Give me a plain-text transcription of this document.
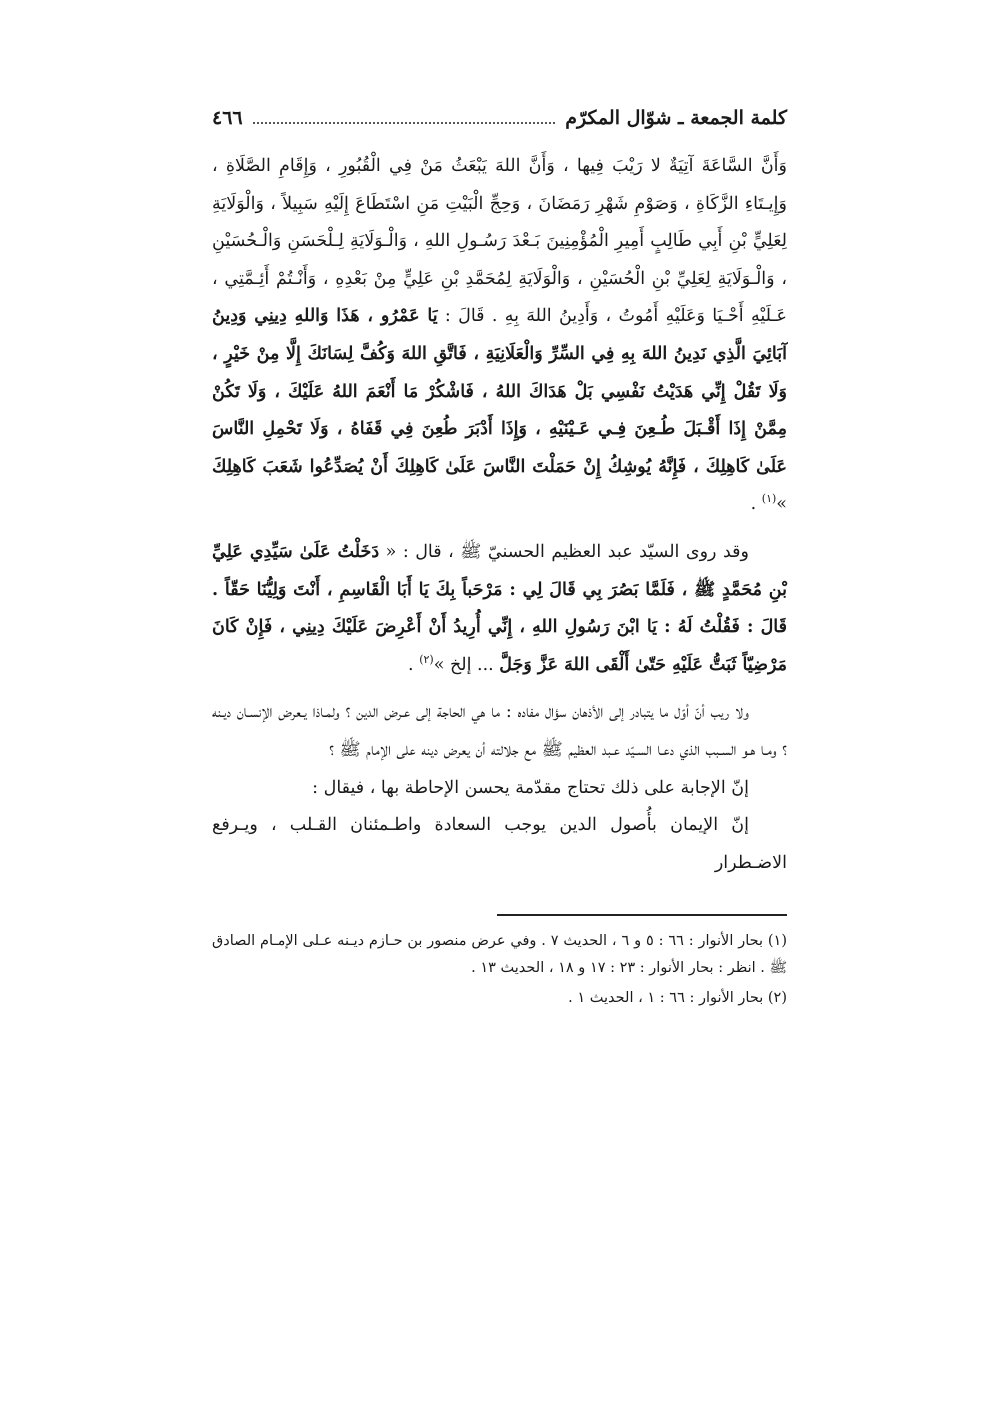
كلمة الجمعة ـ شوّال المكرّم
٤٦٦

وَأَنَّ السَّاعَةَ آتِيَةٌ لا رَيْبَ فِيها ، وَأَنَّ اللهَ يَبْعَثُ مَنْ فِي الْقُبُورِ ، وَإِقَامِ الصَّلَاةِ ، وَإِيـتَاءِ الزَّكَاةِ ، وَصَوْمِ شَهْرِ رَمَضَانَ ، وَحِجِّ الْبَيْتِ مَنِ اسْتَطَاعَ إِلَيْهِ سَبِيلاً ، وَالْوَلَايَةِ لِعَلِيٍّ بْنِ أَبِي طَالِبٍ أَمِيرِ الْمُؤْمِنِينَ بَـعْدَ رَسُـولِ اللهِ ، وَالْـوَلَايَةِ لِـلْحَسَنِ وَالْـحُسَيْنِ ، وَالْـوَلَايَةِ لِعَلِيِّ بْنِ الْحُسَيْنِ ، وَالْوَلَايَةِ لِمُحَمَّدِ بْنِ عَلِيٍّ مِنْ بَعْدِهِ ، وَأَنْـتُمْ أَئِـمَّتِي ، عَـلَيْهِ أَحْـيَا وَعَلَيْهِ أَمُوتُ ، وَأَدِينُ اللهَ بِهِ . قَالَ : يَا عَمْرُو ، هَذَا وَاللهِ دِينِي وَدِينُ آبَائِيَ الَّذِي نَدِينُ اللهَ بِهِ فِي السِّرِّ وَالْعَلَانِيَةِ ، فَاتَّقِ اللهَ وَكُفَّ لِسَانَكَ إِلَّا مِنْ خَيْرٍ ، وَلَا تَقُلْ إِنِّي هَدَيْتُ نَفْسِي بَلْ هَدَاكَ اللهُ ، فَاشْكُرْ مَا أَنْعَمَ اللهُ عَلَيْكَ ، وَلَا تَكُنْ مِمَّنْ إِذَا أَقْـبَلَ طُـعِنَ فِـي عَـيْنَيْهِ ، وَإِذَا أَدْبَرَ طُعِنَ فِي قَفَاهُ ، وَلَا تَحْمِلِ النَّاسَ عَلَىٰ كَاهِلِكَ ، فَإِنَّهُ يُوشِكُ إِنْ حَمَلْتَ النَّاسَ عَلَىٰ كَاهِلِكَ أَنْ يُصَدِّعُوا شَعَبَ كَاهِلِكَ »$^{(١)}$ .

وقد روى السيّد عبد العظيم الحسنيّ ﷺ ، قال : « دَخَلْتُ عَلَىٰ سَيِّدِي عَلِيِّ بْنِ مُحَمَّدٍ ﷺ ، فَلَمَّا بَصُرَ بِي قَالَ لِي : مَرْحَباً بِكَ يَا أَبَا الْقَاسِمِ ، أَنْتَ وَلِيُّنَا حَقّاً . قَالَ : فَقُلْتُ لَهُ : يَا ابْنَ رَسُولِ اللهِ ، إِنِّي أُرِيدُ أَنْ أَعْرِضَ عَلَيْكَ دِينِي ، فَإِنْ كَانَ مَرْضِيّاً ثَبَتُّ عَلَيْهِ حَتّىٰ أَلْقَى اللهَ عَزَّ وَجَلَّ ... إلخ »$^{(٢)}$ .

ولا ريب أنّ أوّل ما يتبادر إلى الأذهان سؤال مفاده : ما هي الحاجة إلى عـرض الدين ؟ ولمـاذا يـعرض الإنسـان ديـنه ؟ ومـا هـو السـبب الذي دعـا السـيّد عـبد العظيم ﷺ مع جلالته أن يعرض دينه على الإمام ﷺ ؟

إنّ الإجابة على ذلك تحتاج مقدّمة يحسن الإحاطة بها ، فيقال :

إنّ الإيمان بأُصول الدين يوجب السعادة واطـمئنان القـلب ، ويـرفع الاضـطرار

(١) بحار الأنوار : ٦٦ : ٥ و ٦ ، الحديث ٧ . وفي عرض منصور بن حـازم ديـنه عـلى الإمـام الصادق ﷺ . انظر : بحار الأنوار : ٢٣ : ١٧ و ١٨ ، الحديث ١٣ .

(٢) بحار الأنوار : ٦٦ : ١ ، الحديث ١ .
